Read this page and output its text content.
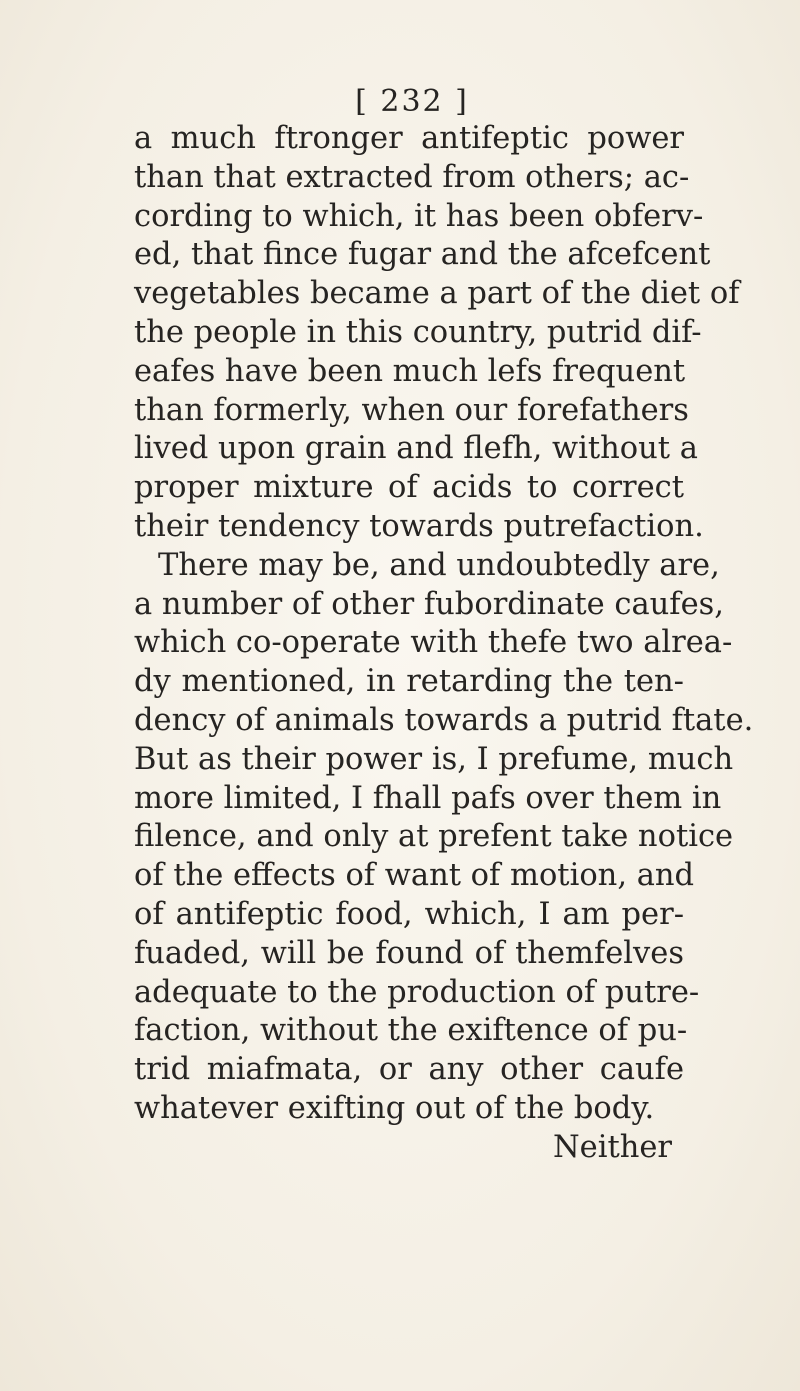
[ 232 ]
a much ftronger antifeptic power
than that extracted from others; ac-
cording to which, it has been obferv-
ed, that fince fugar and the afcefcent
vegetables became a part of the diet of
the people in this country, putrid dif-
eafes have been much lefs frequent
than formerly, when our forefathers
lived upon grain and flefh, without a
proper mixture of acids to correct
their tendency towards putrefaction.
There may be, and undoubtedly are,
a number of other fubordinate caufes,
which co-operate with thefe two alrea-
dy mentioned, in retarding the ten-
dency of animals towards a putrid ftate.
But as their power is, I prefume, much
more limited, I fhall pafs over them in
filence, and only at prefent take notice
of the effects of want of motion, and
of antifeptic food, which, I am per-
fuaded, will be found of themfelves
adequate to the production of putre-
faction, without the exiftence of pu-
trid miafmata, or any other caufe
whatever exifting out of the body.
Neither
